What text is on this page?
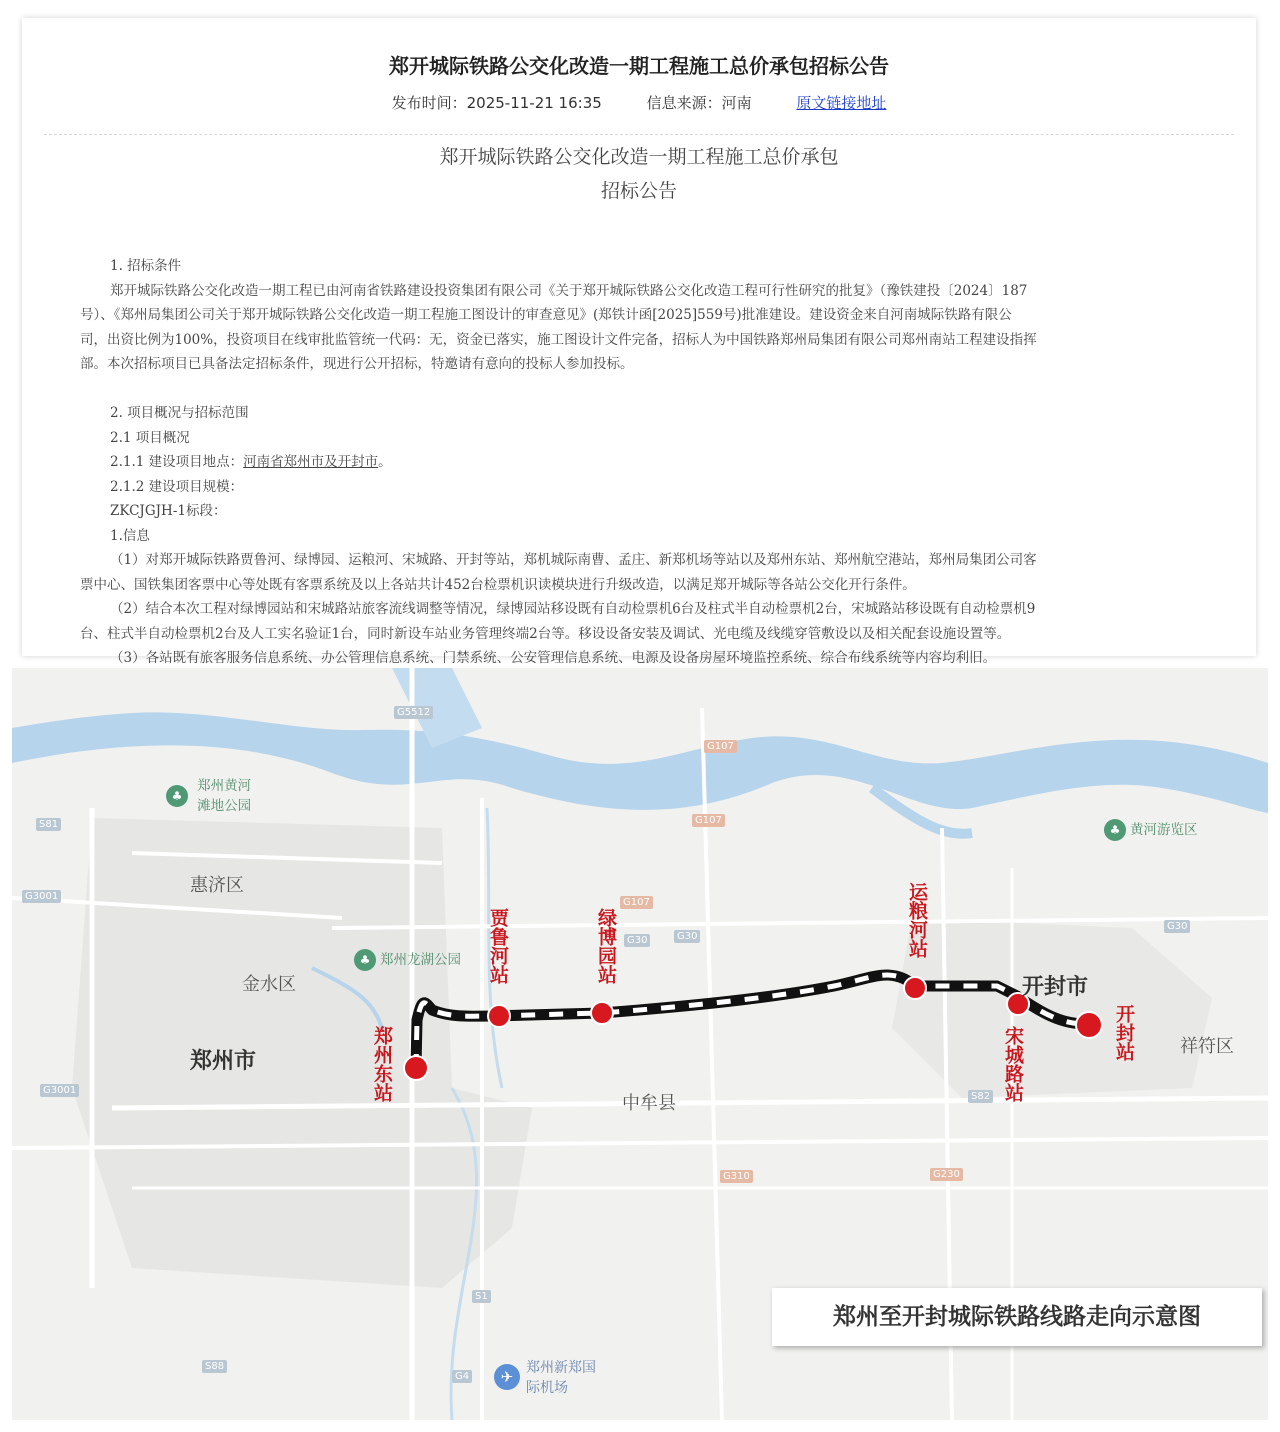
郑开城际铁路公交化改造一期工程施工总价承包招标公告
发布时间：2025-11-21 16:35	信息来源：河南	原文链接地址
郑开城际铁路公交化改造一期工程施工总价承包
招标公告
1. 招标条件
郑开城际铁路公交化改造一期工程已由河南省铁路建设投资集团有限公司《关于郑开城际铁路公交化改造工程可行性研究的批复》（豫铁建投〔2024〕187
号）、《郑州局集团公司关于郑开城际铁路公交化改造一期工程施工图设计的审查意见》(郑铁计函[2025]559号)批准建设。建设资金来自河南城际铁路有限公
司，出资比例为100%，投资项目在线审批监管统一代码：无，资金已落实，施工图设计文件完备，招标人为中国铁路郑州局集团有限公司郑州南站工程建设指挥
部。本次招标项目已具备法定招标条件，现进行公开招标，特邀请有意向的投标人参加投标。
2. 项目概况与招标范围
2.1 项目概况
2.1.1 建设项目地点：河南省郑州市及开封市。
2.1.2 建设项目规模：
ZKCJGJH-1标段：
1.信息
（1）对郑开城际铁路贾鲁河、绿博园、运粮河、宋城路、开封等站，郑机城际南曹、孟庄、新郑机场等站以及郑州东站、郑州航空港站，郑州局集团公司客
票中心、国铁集团客票中心等处既有客票系统及以上各站共计452台检票机识读模块进行升级改造，以满足郑开城际等各站公交化开行条件。
（2）结合本次工程对绿博园站和宋城路站旅客流线调整等情况，绿博园站移设既有自动检票机6台及柱式半自动检票机2台，宋城路站移设既有自动检票机9
台、柱式半自动检票机2台及人工实名验证1台，同时新设车站业务管理终端2台等。移设设备安装及调试、光电缆及线缆穿管敷设以及相关配套设施设置等。
（3）各站既有旅客服务信息系统、办公管理信息系统、门禁系统、公安管理信息系统、电源及设备房屋环境监控系统、综合布线系统等内容均利旧。
惠济区
金水区
中牟县
祥符区
郑州市
开封市
♣ 郑州黄河
滩地公园
♣ 郑州龙湖公园
♣ 黄河游览区
G5512
G107
G107
S81
G3001
G30	G30
G30
G107
G3001
S82
G310	G230
S1
S88
G4
郑州东站
贾鲁河站	绿博园站	运粮河站
宋城路站	开封站
✈ 郑州新郑国际机场
郑州至开封城际铁路线路走向示意图
